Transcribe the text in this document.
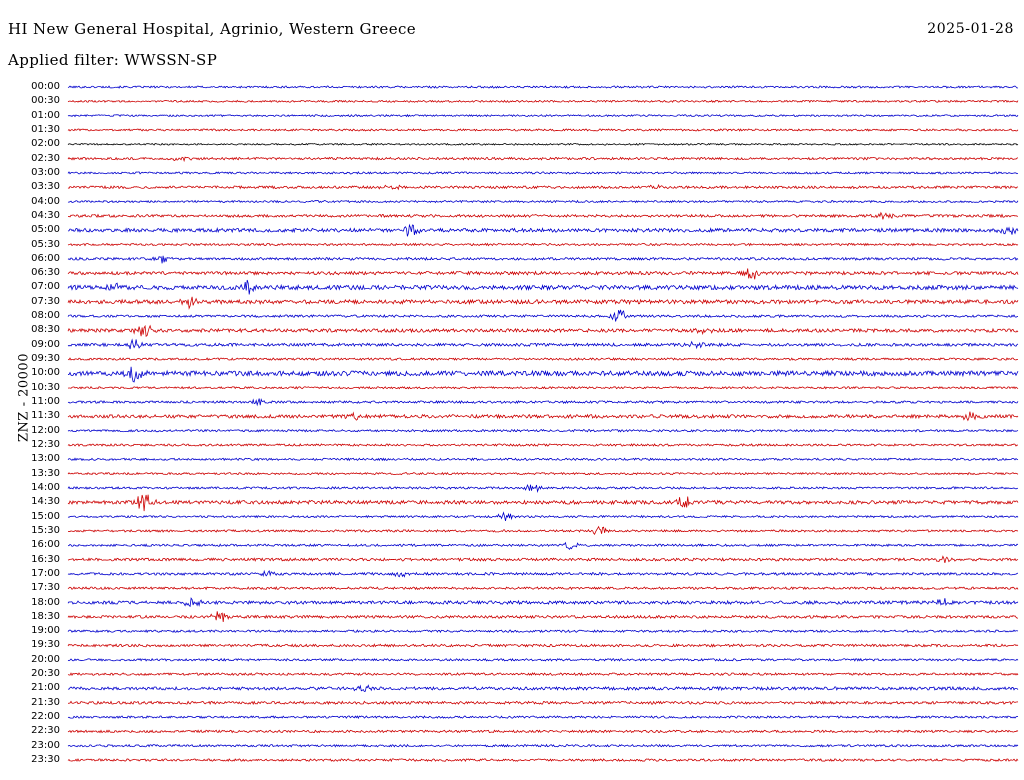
HI New General Hospital, Agrinio, Western Greece	2025-01-28
Applied filter: WWSSN-SP
ZNZ - 20000
00:00
00:30
01:00
01:30
02:00
02:30
03:00
03:30
04:00
04:30
05:00
05:30
06:00
06:30
07:00
07:30
08:00
08:30
09:00
09:30
10:00
10:30
11:00
11:30
12:00
12:30
13:00
13:30
14:00
14:30
15:00
15:30
16:00
16:30
17:00
17:30
18:00
18:30
19:00
19:30
20:00
20:30
21:00
21:30
22:00
22:30
23:00
23:30
